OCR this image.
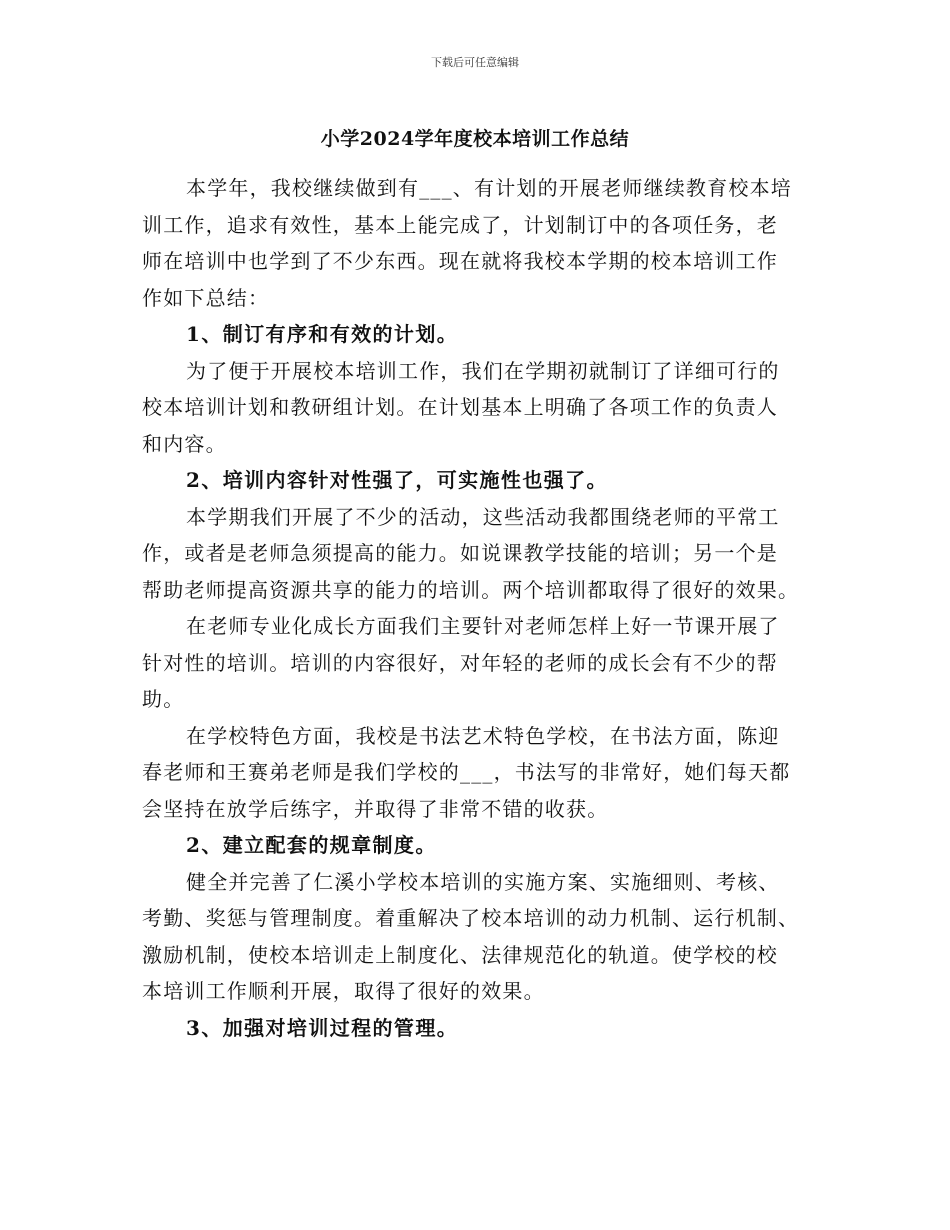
下载后可任意编辑
小学2024学年度校本培训工作总结

本学年，我校继续做到有___、有计划的开展老师继续教育校本培
训工作，追求有效性，基本上能完成了，计划制订中的各项任务，老
师在培训中也学到了不少东西。现在就将我校本学期的校本培训工作
作如下总结：

1、制订有序和有效的计划。

为了便于开展校本培训工作，我们在学期初就制订了详细可行的
校本培训计划和教研组计划。在计划基本上明确了各项工作的负责人
和内容。

2、培训内容针对性强了，可实施性也强了。

本学期我们开展了不少的活动，这些活动我都围绕老师的平常工
作，或者是老师急须提高的能力。如说课教学技能的培训；另一个是
帮助老师提高资源共享的能力的培训。两个培训都取得了很好的效果。

在老师专业化成长方面我们主要针对老师怎样上好一节课开展了
针对性的培训。培训的内容很好，对年轻的老师的成长会有不少的帮
助。

在学校特色方面，我校是书法艺术特色学校，在书法方面，陈迎
春老师和王赛弟老师是我们学校的___，书法写的非常好，她们每天都
会坚持在放学后练字，并取得了非常不错的收获。

2、建立配套的规章制度。

健全并完善了仁溪小学校本培训的实施方案、实施细则、考核、
考勤、奖惩与管理制度。着重解决了校本培训的动力机制、运行机制、
激励机制，使校本培训走上制度化、法律规范化的轨道。使学校的校
本培训工作顺利开展，取得了很好的效果。

3、加强对培训过程的管理。
